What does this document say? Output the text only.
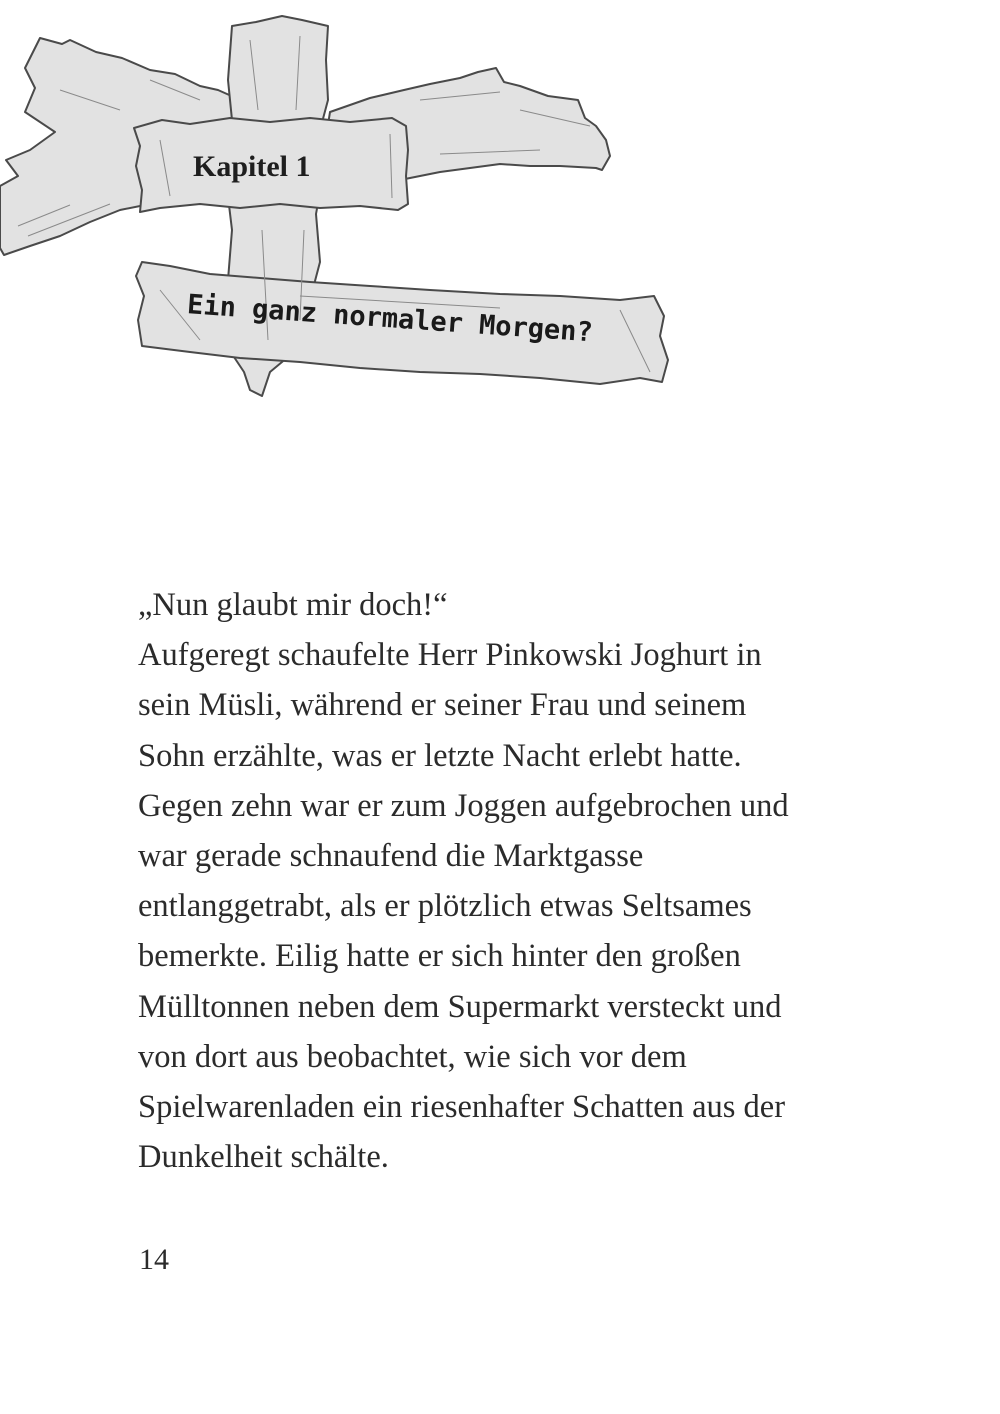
Kapitel 1
Ein ganz normaler Morgen?

„Nun glaubt mir doch!“
Aufgeregt schaufelte Herr Pinkowski Joghurt in
sein Müsli, während er seiner Frau und seinem
Sohn erzählte, was er letzte Nacht erlebt hatte.
Gegen zehn war er zum Joggen aufgebrochen und
war gerade schnaufend die Marktgasse
entlanggetrabt, als er plötzlich etwas Seltsames
bemerkte. Eilig hatte er sich hinter den großen
Mülltonnen neben dem Supermarkt versteckt und
von dort aus beobachtet, wie sich vor dem
Spielwarenladen ein riesenhafter Schatten aus der
Dunkelheit schälte.

14
